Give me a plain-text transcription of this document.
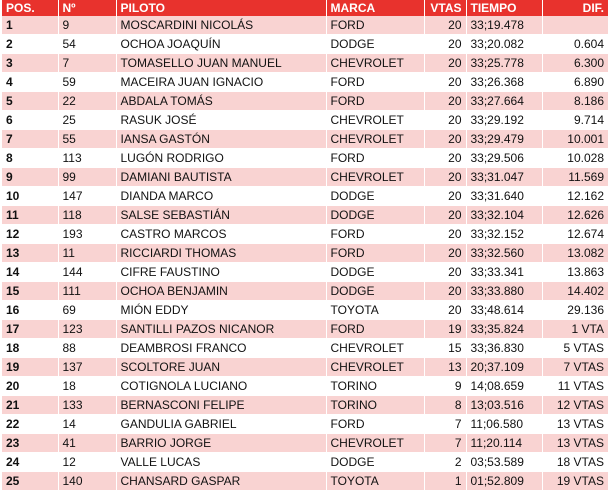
POS.	Nº	PILOTO	MARCA	VTAS	TIEMPO	DIF.
1	9	MOSCARDINI NICOLÁS	FORD	20	33;19.478	
2	54	OCHOA JOAQUÍN	DODGE	20	33;20.082	0.604
3	7	TOMASELLO JUAN MANUEL	CHEVROLET	20	33;25.778	6.300
4	59	MACEIRA JUAN IGNACIO	FORD	20	33;26.368	6.890
5	22	ABDALA TOMÁS	FORD	20	33;27.664	8.186
6	25	RASUK JOSÉ	CHEVROLET	20	33;29.192	9.714
7	55	IANSA GASTÓN	CHEVROLET	20	33;29.479	10.001
8	113	LUGÓN RODRIGO	FORD	20	33;29.506	10.028
9	99	DAMIANI BAUTISTA	CHEVROLET	20	33;31.047	11.569
10	147	DIANDA MARCO	DODGE	20	33;31.640	12.162
11	118	SALSE SEBASTIÁN	DODGE	20	33;32.104	12.626
12	193	CASTRO MARCOS	FORD	20	33;32.152	12.674
13	11	RICCIARDI THOMAS	FORD	20	33;32.560	13.082
14	144	CIFRE FAUSTINO	DODGE	20	33;33.341	13.863
15	111	OCHOA BENJAMIN	DODGE	20	33;33.880	14.402
16	69	MIÓN EDDY	TOYOTA	20	33;48.614	29.136
17	123	SANTILLI PAZOS NICANOR	FORD	19	33;35.824	1 VTA
18	88	DEAMBROSI FRANCO	CHEVROLET	15	33;36.830	5 VTAS
19	137	SCOLTORE JUAN	CHEVROLET	13	20;37.109	7 VTAS
20	18	COTIGNOLA LUCIANO	TORINO	9	14;08.659	11 VTAS
21	133	BERNASCONI FELIPE	TORINO	8	13;03.516	12 VTAS
22	14	GANDULIA GABRIEL	FORD	7	11;06.580	13 VTAS
23	41	BARRIO JORGE	CHEVROLET	7	11;20.114	13 VTAS
24	12	VALLE LUCAS	DODGE	2	03;53.589	18 VTAS
25	140	CHANSARD GASPAR	TOYOTA	1	01;52.809	19 VTAS
